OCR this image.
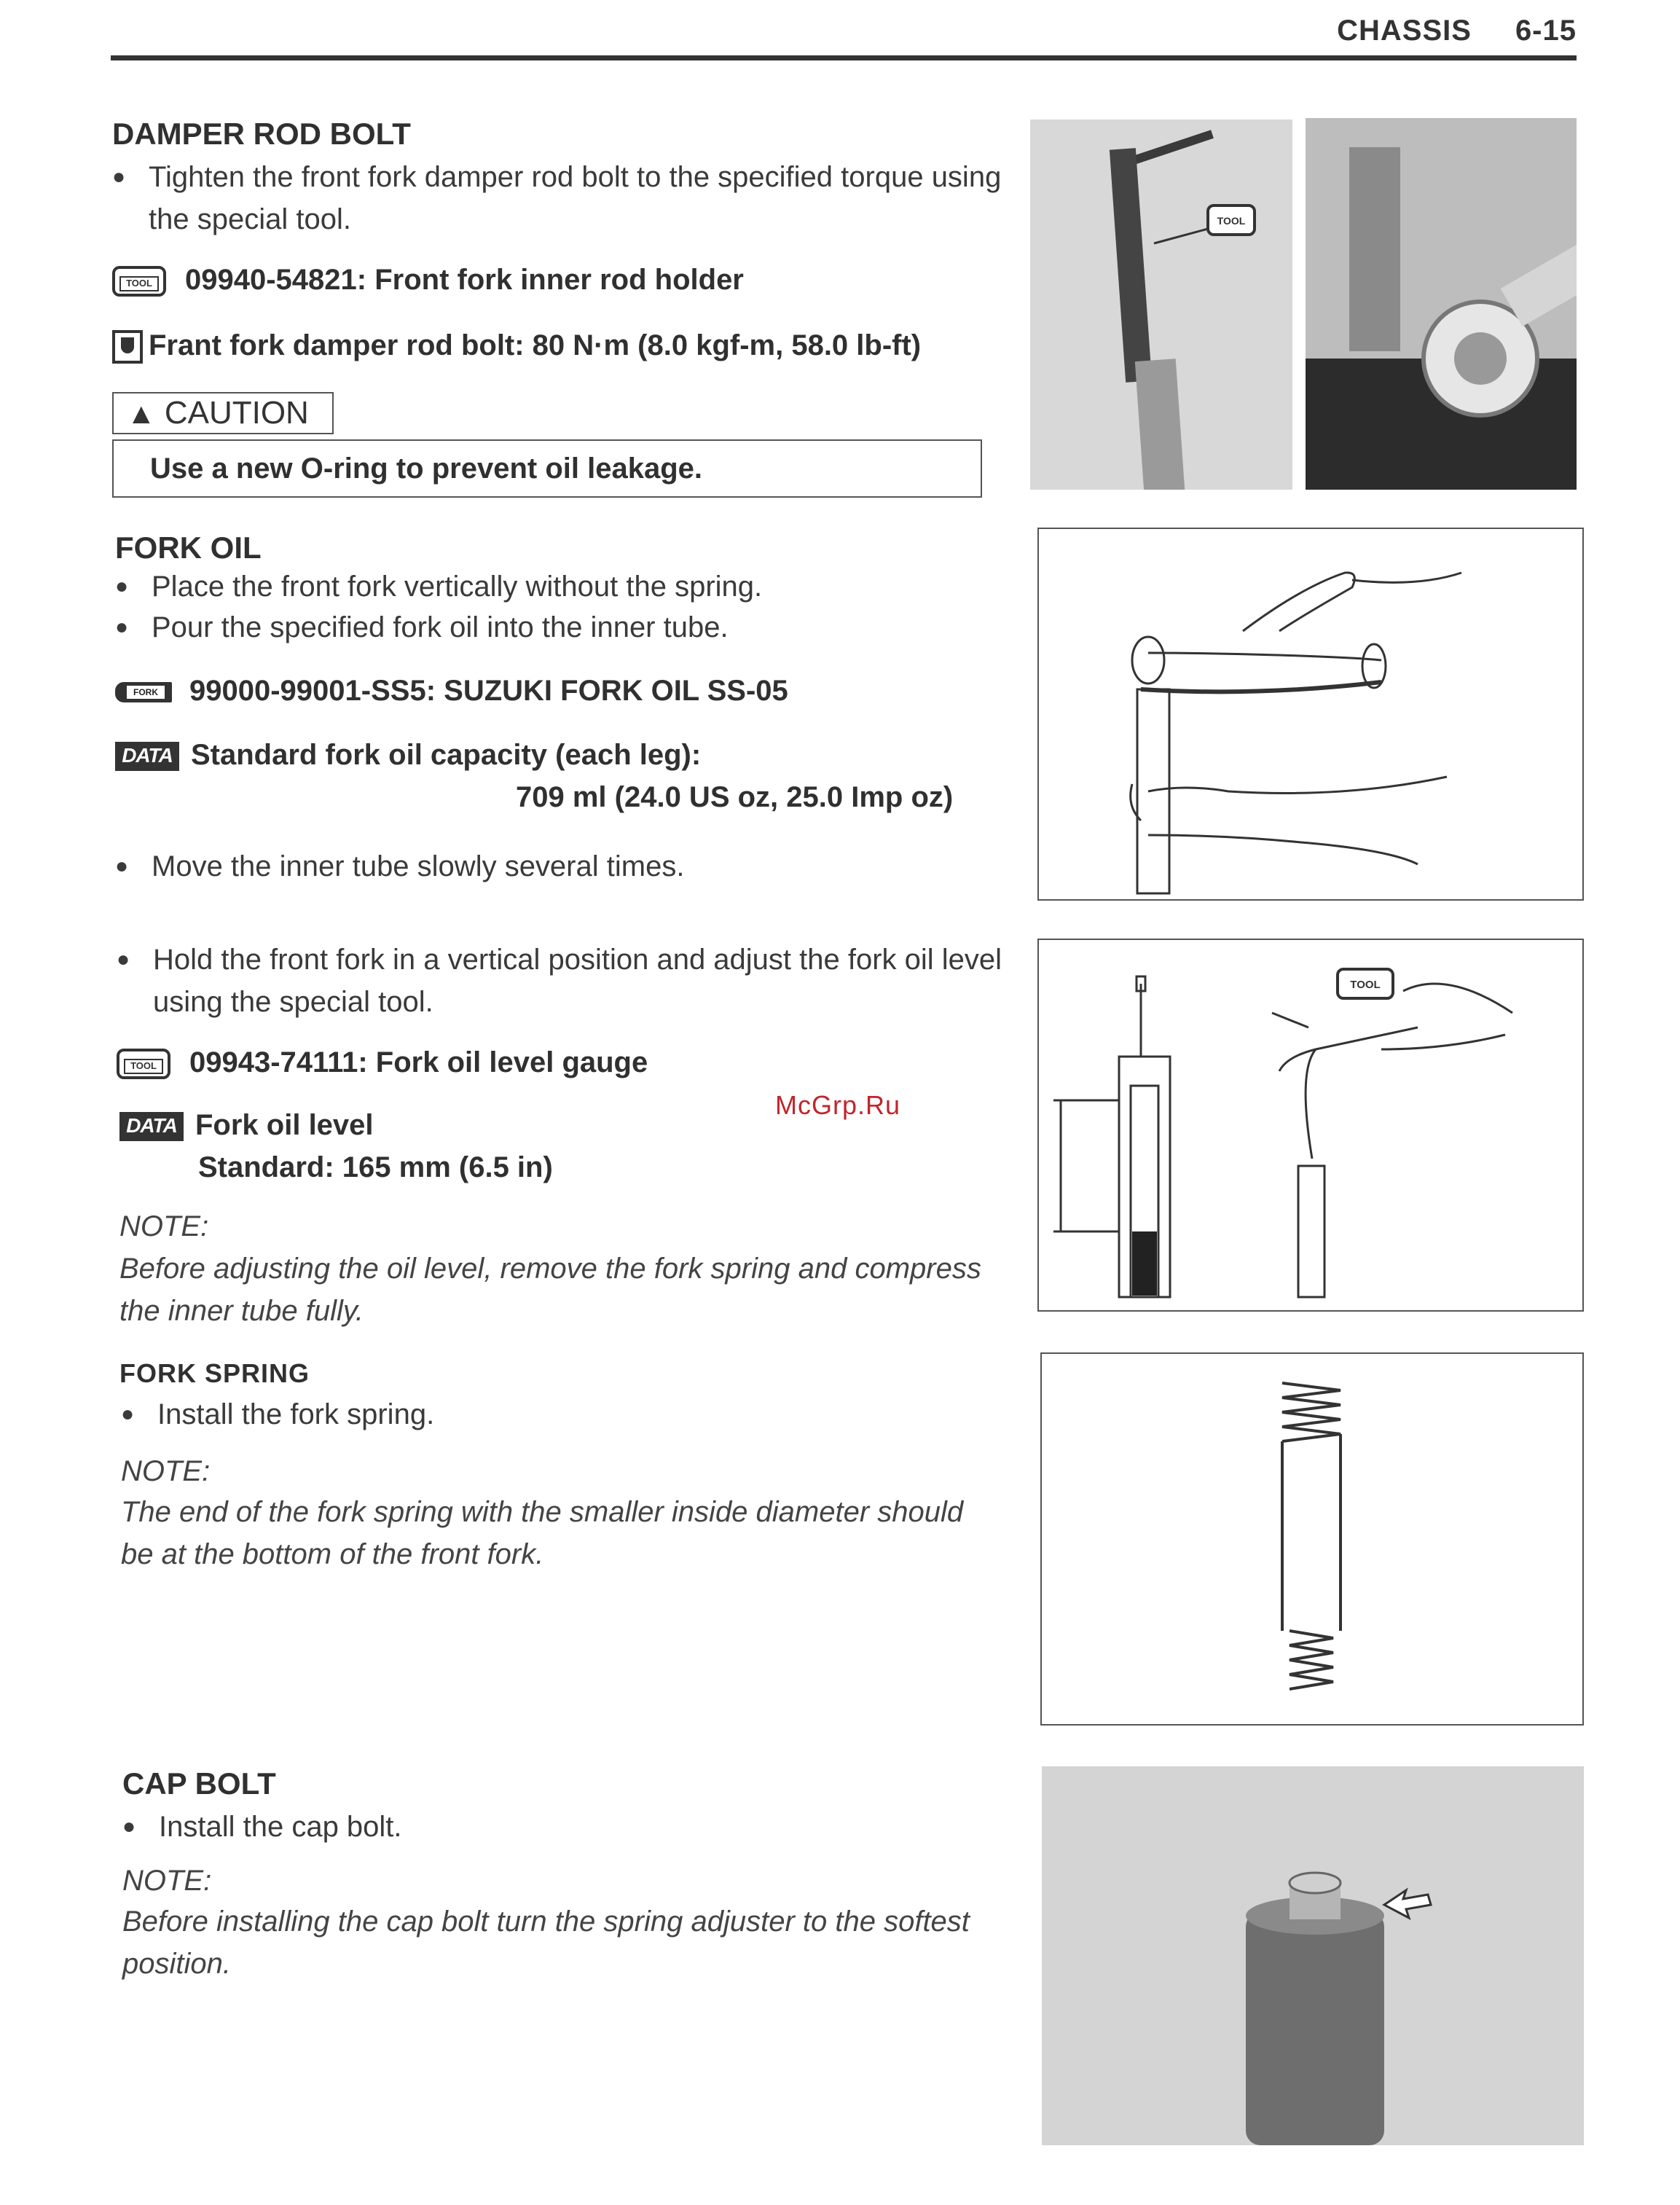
CHASSIS 6-15
DAMPER ROD BOLT
● Tighten the front fork damper rod bolt to the specified torque using the special tool.
TOOL 09940-54821: Front fork inner rod holder
Frant fork damper rod bolt: 80 N·m (8.0 kgf-m, 58.0 lb-ft)
▲ CAUTION
Use a new O-ring to prevent oil leakage.
FORK OIL
● Place the front fork vertically without the spring.
● Pour the specified fork oil into the inner tube.
FORK 99000-99001-SS5: SUZUKI FORK OIL SS-05
DATA Standard fork oil capacity (each leg):
709 ml (24.0 US oz, 25.0 Imp oz)
● Move the inner tube slowly several times.
● Hold the front fork in a vertical position and adjust the fork oil level using the special tool.
TOOL 09943-74111: Fork oil level gauge
DATA Fork oil level
Standard: 165 mm (6.5 in)
NOTE:
Before adjusting the oil level, remove the fork spring and compress the inner tube fully.
McGrp.Ru
FORK SPRING
● Install the fork spring.
NOTE:
The end of the fork spring with the smaller inside diameter should be at the bottom of the front fork.
CAP BOLT
● Install the cap bolt.
NOTE:
Before installing the cap bolt turn the spring adjuster to the softest position.
TOOL
TOOL
